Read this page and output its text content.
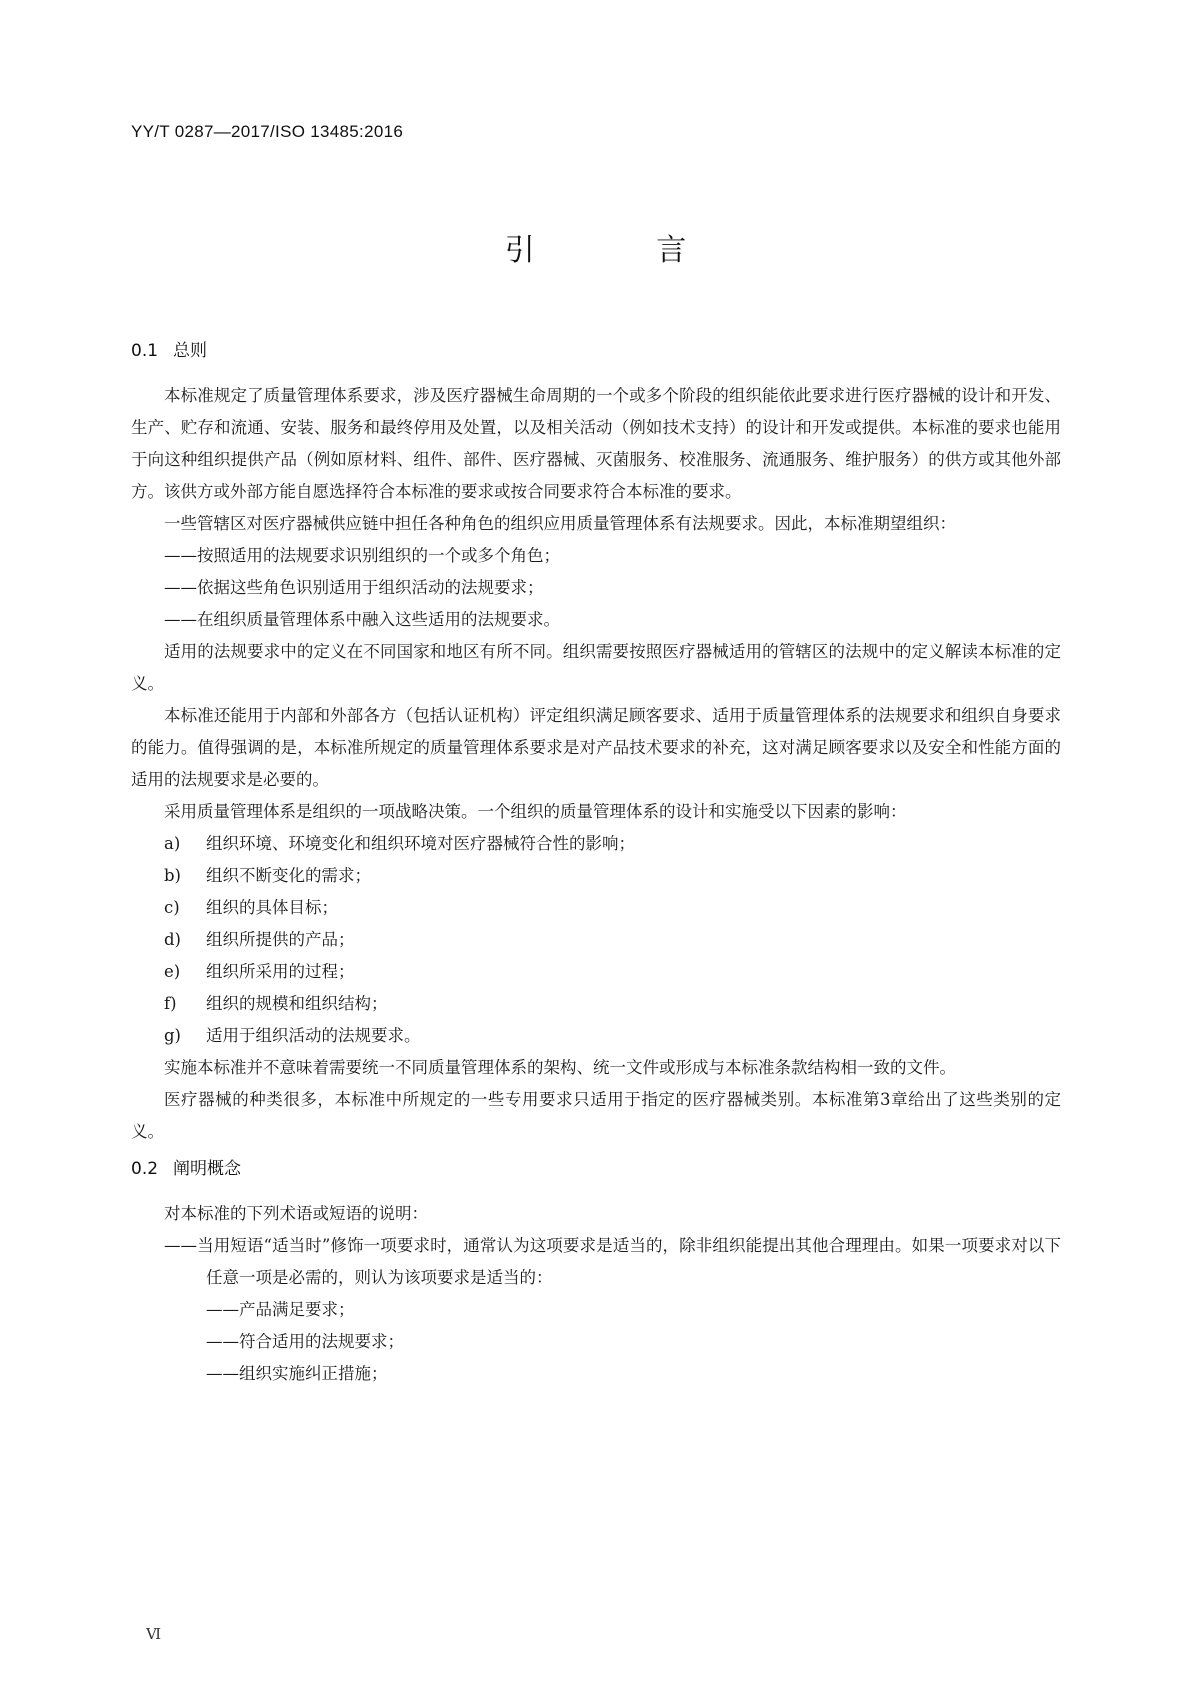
YY/T 0287—2017/ISO 13485:2016
引 言
0.1 总则

本标准规定了质量管理体系要求，涉及医疗器械生命周期的一个或多个阶段的组织能依此要求进行医疗器械的设计和开发、生产、贮存和流通、安装、服务和最终停用及处置，以及相关活动（例如技术支持）的设计和开发或提供。本标准的要求也能用于向这种组织提供产品（例如原材料、组件、部件、医疗器械、灭菌服务、校准服务、流通服务、维护服务）的供方或其他外部方。该供方或外部方能自愿选择符合本标准的要求或按合同要求符合本标准的要求。

一些管辖区对医疗器械供应链中担任各种角色的组织应用质量管理体系有法规要求。因此，本标准期望组织：

——按照适用的法规要求识别组织的一个或多个角色；

——依据这些角色识别适用于组织活动的法规要求；

——在组织质量管理体系中融入这些适用的法规要求。

适用的法规要求中的定义在不同国家和地区有所不同。组织需要按照医疗器械适用的管辖区的法规中的定义解读本标准的定义。

本标准还能用于内部和外部各方（包括认证机构）评定组织满足顾客要求、适用于质量管理体系的法规要求和组织自身要求的能力。值得强调的是，本标准所规定的质量管理体系要求是对产品技术要求的补充，这对满足顾客要求以及安全和性能方面的适用的法规要求是必要的。

采用质量管理体系是组织的一项战略决策。一个组织的质量管理体系的设计和实施受以下因素的影响：

a)	组织环境、环境变化和组织环境对医疗器械符合性的影响；
b)	组织不断变化的需求；
c)	组织的具体目标；
d)	组织所提供的产品；
e)	组织所采用的过程；
f)	组织的规模和组织结构；
g)	适用于组织活动的法规要求。

实施本标准并不意味着需要统一不同质量管理体系的架构、统一文件或形成与本标准条款结构相一致的文件。

医疗器械的种类很多，本标准中所规定的一些专用要求只适用于指定的医疗器械类别。本标准第3章给出了这些类别的定义。

0.2 阐明概念

对本标准的下列术语或短语的说明：

——当用短语“适当时”修饰一项要求时，通常认为这项要求是适当的，除非组织能提出其他合理理由。如果一项要求对以下任意一项是必需的，则认为该项要求是适当的：

——产品满足要求；

——符合适用的法规要求；

——组织实施纠正措施；

Ⅵ
